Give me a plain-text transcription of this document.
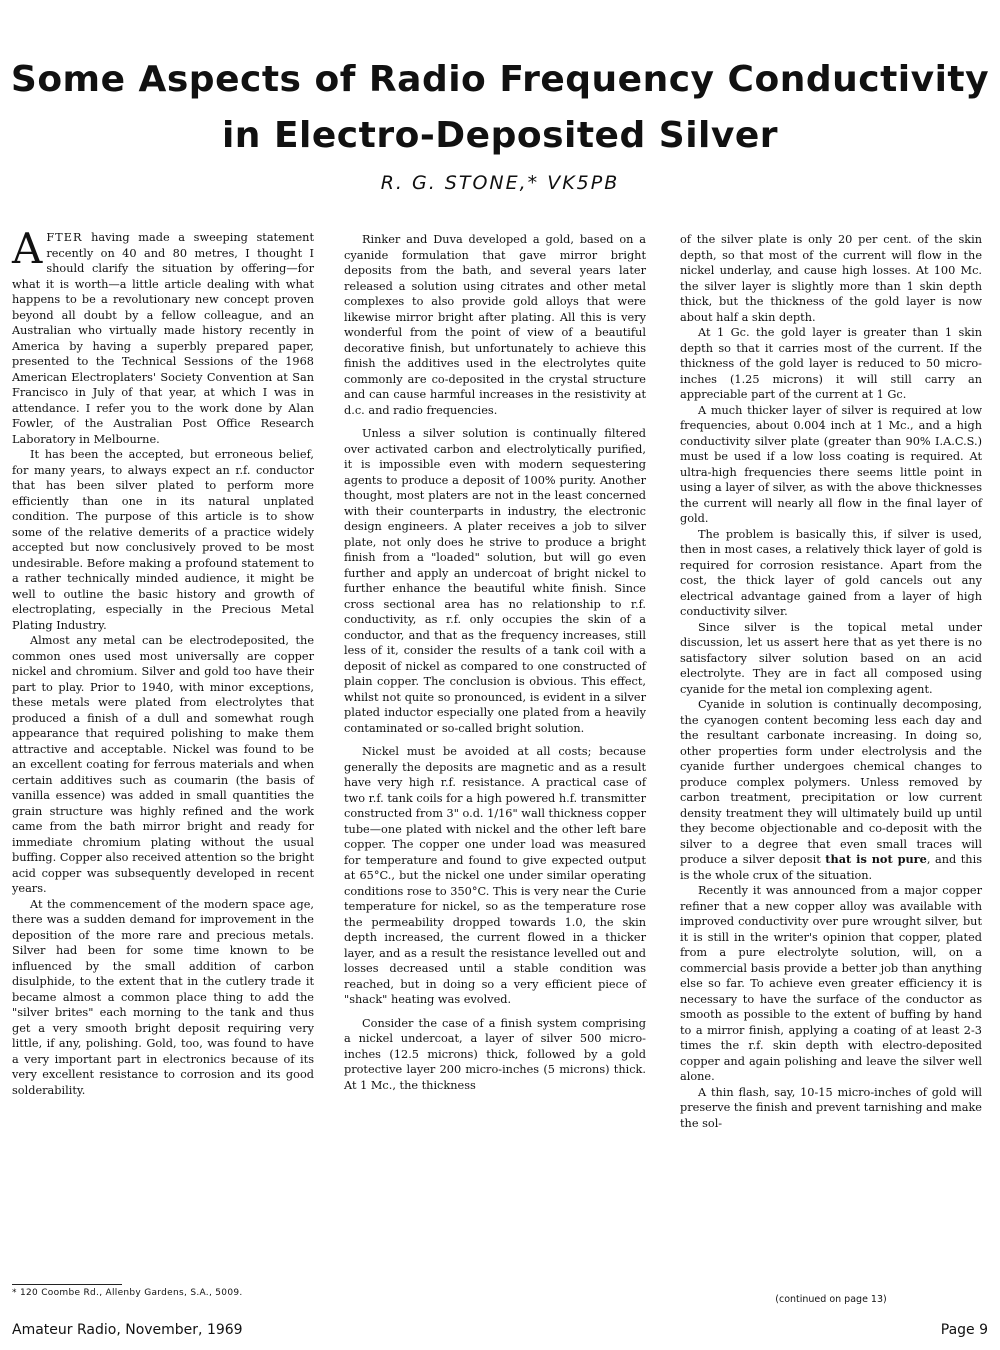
Some Aspects of Radio Frequency Conductivity
in Electro-Deposited Silver
R. G. STONE,* VK5PB

AFTER having made a sweeping statement recently on 40 and 80 metres, I thought I should clarify the situation by offering—for what it is worth—a little article dealing with what happens to be a revolutionary new concept proven beyond all doubt by a fellow colleague, and an Australian who virtually made history recently in America by having a superbly prepared paper, presented to the Technical Sessions of the 1968 American Electroplaters' Society Convention at San Francisco in July of that year, at which I was in attendance. I refer you to the work done by Alan Fowler, of the Australian Post Office Research Laboratory in Melbourne.

It has been the accepted, but erroneous belief, for many years, to always expect an r.f. conductor that has been silver plated to perform more efficiently than one in its natural unplated condition. The purpose of this article is to show some of the relative demerits of a practice widely accepted but now conclusively proved to be most undesirable. Before making a profound statement to a rather technically minded audience, it might be well to outline the basic history and growth of electroplating, especially in the Precious Metal Plating Industry.

Almost any metal can be electrodeposited, the common ones used most universally are copper nickel and chromium. Silver and gold too have their part to play. Prior to 1940, with minor exceptions, these metals were plated from electrolytes that produced a finish of a dull and somewhat rough appearance that required polishing to make them attractive and acceptable. Nickel was found to be an excellent coating for ferrous materials and when certain additives such as coumarin (the basis of vanilla essence) was added in small quantities the grain structure was highly refined and the work came from the bath mirror bright and ready for immediate chromium plating without the usual buffing. Copper also received attention so the bright acid copper was subsequently developed in recent years.

At the commencement of the modern space age, there was a sudden demand for improvement in the deposition of the more rare and precious metals. Silver had been for some time known to be influenced by the small addition of carbon disulphide, to the extent that in the cutlery trade it became almost a common place thing to add the "silver brites" each morning to the tank and thus get a very smooth bright deposit requiring very little, if any, polishing. Gold, too, was found to have a very important part in electronics because of its very excellent resistance to corrosion and its good solderability.

Rinker and Duva developed a gold, based on a cyanide formulation that gave mirror bright deposits from the bath, and several years later released a solution using citrates and other metal complexes to also provide gold alloys that were likewise mirror bright after plating. All this is very wonderful from the point of view of a beautiful decorative finish, but unfortunately to achieve this finish the additives used in the electrolytes quite commonly are co-deposited in the crystal structure and can cause harmful increases in the resistivity at d.c. and radio frequencies.

Unless a silver solution is continually filtered over activated carbon and electrolytically purified, it is impossible even with modern sequestering agents to produce a deposit of 100% purity. Another thought, most platers are not in the least concerned with their counterparts in industry, the electronic design engineers. A plater receives a job to silver plate, not only does he strive to produce a bright finish from a "loaded" solution, but will go even further and apply an undercoat of bright nickel to further enhance the beautiful white finish. Since cross sectional area has no relationship to r.f. conductivity, as r.f. only occupies the skin of a conductor, and that as the frequency increases, still less of it, consider the results of a tank coil with a deposit of nickel as compared to one constructed of plain copper. The conclusion is obvious. This effect, whilst not quite so pronounced, is evident in a silver plated inductor especially one plated from a heavily contaminated or so-called bright solution.

Nickel must be avoided at all costs; because generally the deposits are magnetic and as a result have very high r.f. resistance. A practical case of two r.f. tank coils for a high powered h.f. transmitter constructed from 3" o.d. 1/16" wall thickness copper tube—one plated with nickel and the other left bare copper. The copper one under load was measured for temperature and found to give expected output at 65°C., but the nickel one under similar operating conditions rose to 350°C. This is very near the Curie temperature for nickel, so as the temperature rose the permeability dropped towards 1.0, the skin depth increased, the current flowed in a thicker layer, and as a result the resistance levelled out and losses decreased until a stable condition was reached, but in doing so a very efficient piece of "shack" heating was evolved.

Consider the case of a finish system comprising a nickel undercoat, a layer of silver 500 micro-inches (12.5 microns) thick, followed by a gold protective layer 200 micro-inches (5 microns) thick. At 1 Mc., the thickness

of the silver plate is only 20 per cent. of the skin depth, so that most of the current will flow in the nickel underlay, and cause high losses. At 100 Mc. the silver layer is slightly more than 1 skin depth thick, but the thickness of the gold layer is now about half a skin depth.

At 1 Gc. the gold layer is greater than 1 skin depth so that it carries most of the current. If the thickness of the gold layer is reduced to 50 micro-inches (1.25 microns) it will still carry an appreciable part of the current at 1 Gc.

A much thicker layer of silver is required at low frequencies, about 0.004 inch at 1 Mc., and a high conductivity silver plate (greater than 90% I.A.C.S.) must be used if a low loss coating is required. At ultra-high frequencies there seems little point in using a layer of silver, as with the above thicknesses the current will nearly all flow in the final layer of gold.

The problem is basically this, if silver is used, then in most cases, a relatively thick layer of gold is required for corrosion resistance. Apart from the cost, the thick layer of gold cancels out any electrical advantage gained from a layer of high conductivity silver.

Since silver is the topical metal under discussion, let us assert here that as yet there is no satisfactory silver solution based on an acid electrolyte. They are in fact all composed using cyanide for the metal ion complexing agent.

Cyanide in solution is continually decomposing, the cyanogen content becoming less each day and the resultant carbonate increasing. In doing so, other properties form under electrolysis and the cyanide further undergoes chemical changes to produce complex polymers. Unless removed by carbon treatment, precipitation or low current density treatment they will ultimately build up until they become objectionable and co-deposit with the silver to a degree that even small traces will produce a silver deposit that is not pure, and this is the whole crux of the situation.

Recently it was announced from a major copper refiner that a new copper alloy was available with improved conductivity over pure wrought silver, but it is still in the writer's opinion that copper, plated from a pure electrolyte solution, will, on a commercial basis provide a better job than anything else so far. To achieve even greater efficiency it is necessary to have the surface of the conductor as smooth as possible to the extent of buffing by hand to a mirror finish, applying a coating of at least 2-3 times the r.f. skin depth with electro-deposited copper and again polishing and leave the silver well alone.

A thin flash, say, 10-15 micro-inches of gold will preserve the finish and prevent tarnishing and make the sol-

* 120 Coombe Rd., Allenby Gardens, S.A., 5009.
(continued on page 13)
Amateur Radio, November, 1969	Page 9
